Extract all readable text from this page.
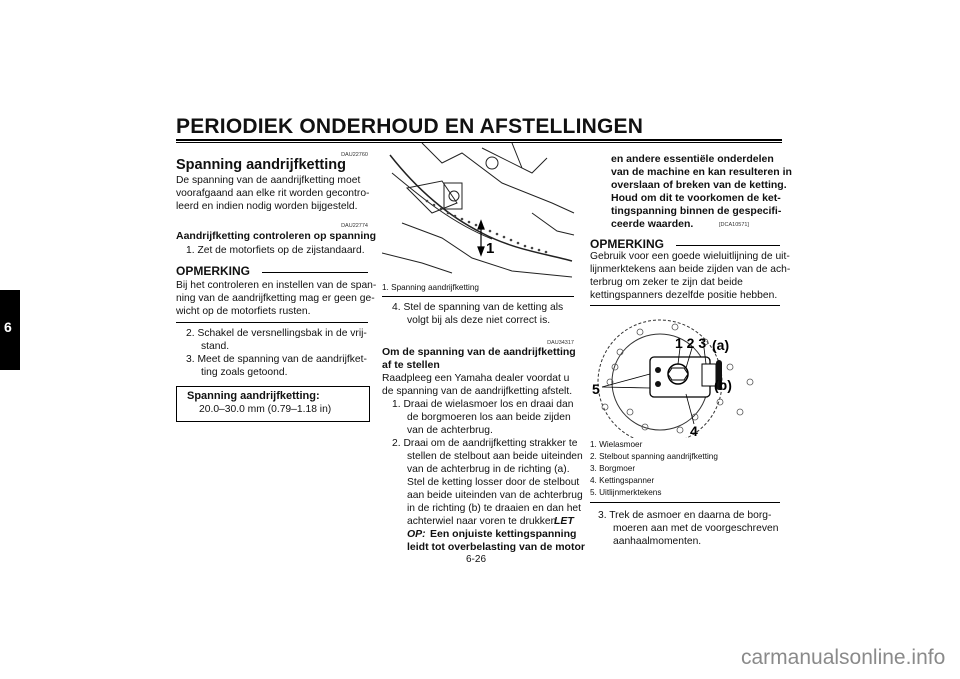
PERIODIEK ONDERHOUD EN AFSTELLINGEN
6
DAU22760
Spanning aandrijfketting
De spanning van de aandrijfketting moet
voorafgaand aan elke rit worden gecontro-
leerd en indien nodig worden bijgesteld.
DAU22774
Aandrijfketting controleren op spanning
1. Zet de motorfiets op de zijstandaard.
OPMERKING
Bij het controleren en instellen van de span-
ning van de aandrijfketting mag er geen ge-
wicht op de motorfiets rusten.
2. Schakel de versnellingsbak in de vrij-
stand.
3. Meet de spanning van de aandrijfket-
ting zoals getoond.
Spanning aandrijfketting:
20.0–30.0 mm (0.79–1.18 in)
1
1. Spanning aandrijfketting
4. Stel de spanning van de ketting als
volgt bij als deze niet correct is.
DAU34317
Om de spanning van de aandrijfketting
af te stellen
Raadpleeg een Yamaha dealer voordat u
de spanning van de aandrijfketting afstelt.
1. Draai de wielasmoer los en draai dan
de borgmoeren los aan beide zijden
van de achterbrug.
2. Draai om de aandrijfketting strakker te
stellen de stelbout aan beide uiteinden
van de achterbrug in de richting (a).
Stel de ketting losser door de stelbout
aan beide uiteinden van de achterbrug
in de richting (b) te draaien en dan het
achterwiel naar voren te drukken.
LET
OP: Een onjuiste kettingspanning
leidt tot overbelasting van de motor
6-26
en andere essentiële onderdelen
van de machine en kan resulteren in
overslaan of breken van de ketting.
Houd om dit te voorkomen de ket-
tingspanning binnen de gespecifi-
ceerde waarden.	[DCA10571]
OPMERKING
Gebruik voor een goede wieluitlijning de uit-
lijnmerktekens aan beide zijden van de ach-
terbrug om zeker te zijn dat beide
kettingspanners dezelfde positie hebben.
1 2 3 (a)
(b)
5
4
1. Wielasmoer
2. Stelbout spanning aandrijfketting
3. Borgmoer
4. Kettingspanner
5. Uitlijnmerktekens
3. Trek de asmoer en daarna de borg-
moeren aan met de voorgeschreven
aanhaalmomenten.
carmanualsonline.info
